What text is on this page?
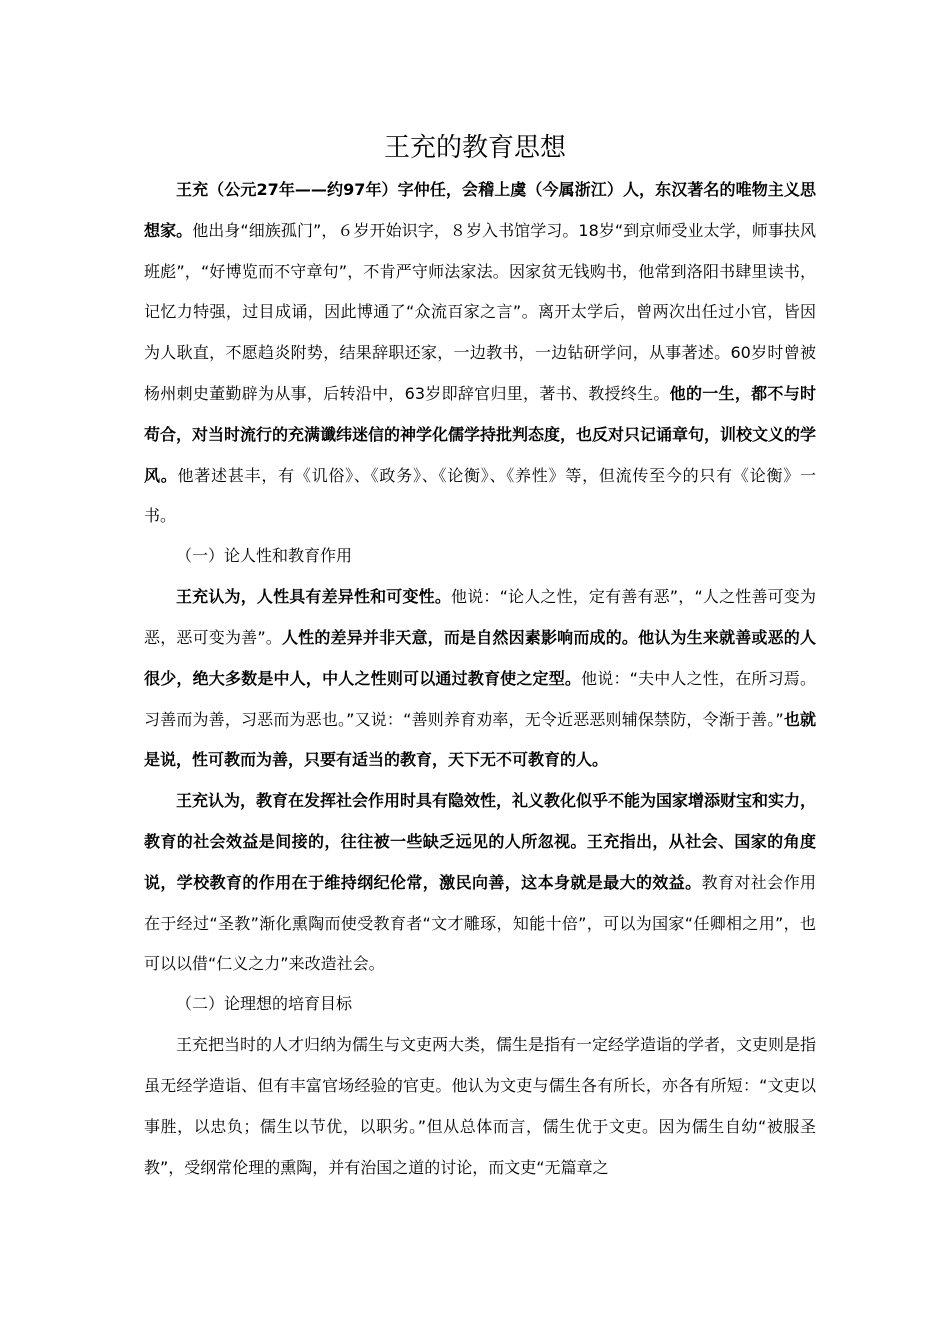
王充的教育思想

王充（公元27年——约97年）字仲任，会稽上虞（今属浙江）人，东汉著名的唯物主义思想家。他出身“细族孤门”，６岁开始识字，８岁入书馆学习。18岁“到京师受业太学，师事扶风班彪”，“好博览而不守章句”，不肯严守师法家法。因家贫无钱购书，他常到洛阳书肆里读书，记忆力特强，过目成诵，因此博通了“众流百家之言”。离开太学后，曾两次出任过小官，皆因为人耿直，不愿趋炎附势，结果辞职还家，一边教书，一边钻研学问，从事著述。60岁时曾被杨州刺史董勤辟为从事，后转沿中，63岁即辞官归里，著书、教授终生。他的一生，都不与时苟合，对当时流行的充满谶纬迷信的神学化儒学持批判态度，也反对只记诵章句，训校文义的学风。他著述甚丰，有《讥俗》、《政务》、《论衡》、《养性》等，但流传至今的只有《论衡》一书。

（一）论人性和教育作用

王充认为，人性具有差异性和可变性。他说：“论人之性，定有善有恶”，“人之性善可变为恶，恶可变为善”。人性的差异并非天意，而是自然因素影响而成的。他认为生来就善或恶的人很少，绝大多数是中人，中人之性则可以通过教育使之定型。他说：“夫中人之性，在所习焉。习善而为善，习恶而为恶也。”又说：“善则养育劝率，无令近恶恶则辅保禁防，令渐于善。”也就是说，性可教而为善，只要有适当的教育，天下无不可教育的人。

王充认为，教育在发挥社会作用时具有隐效性，礼义教化似乎不能为国家增添财宝和实力，教育的社会效益是间接的，往往被一些缺乏远见的人所忽视。王充指出，从社会、国家的角度说，学校教育的作用在于维持纲纪伦常，激民向善，这本身就是最大的效益。教育对社会作用在于经过“圣教”渐化熏陶而使受教育者“文才雕琢，知能十倍”，可以为国家“任卿相之用”，也可以以借“仁义之力”来改造社会。

（二）论理想的培育目标

王充把当时的人才归纳为儒生与文吏两大类，儒生是指有一定经学造诣的学者，文吏则是指虽无经学造诣、但有丰富官场经验的官吏。他认为文吏与儒生各有所长，亦各有所短：“文吏以事胜，以忠负；儒生以节优，以职劣。”但从总体而言，儒生优于文吏。因为儒生自幼“被服圣教”，受纲常伦理的熏陶，并有治国之道的讨论，而文吏“无篇章之
